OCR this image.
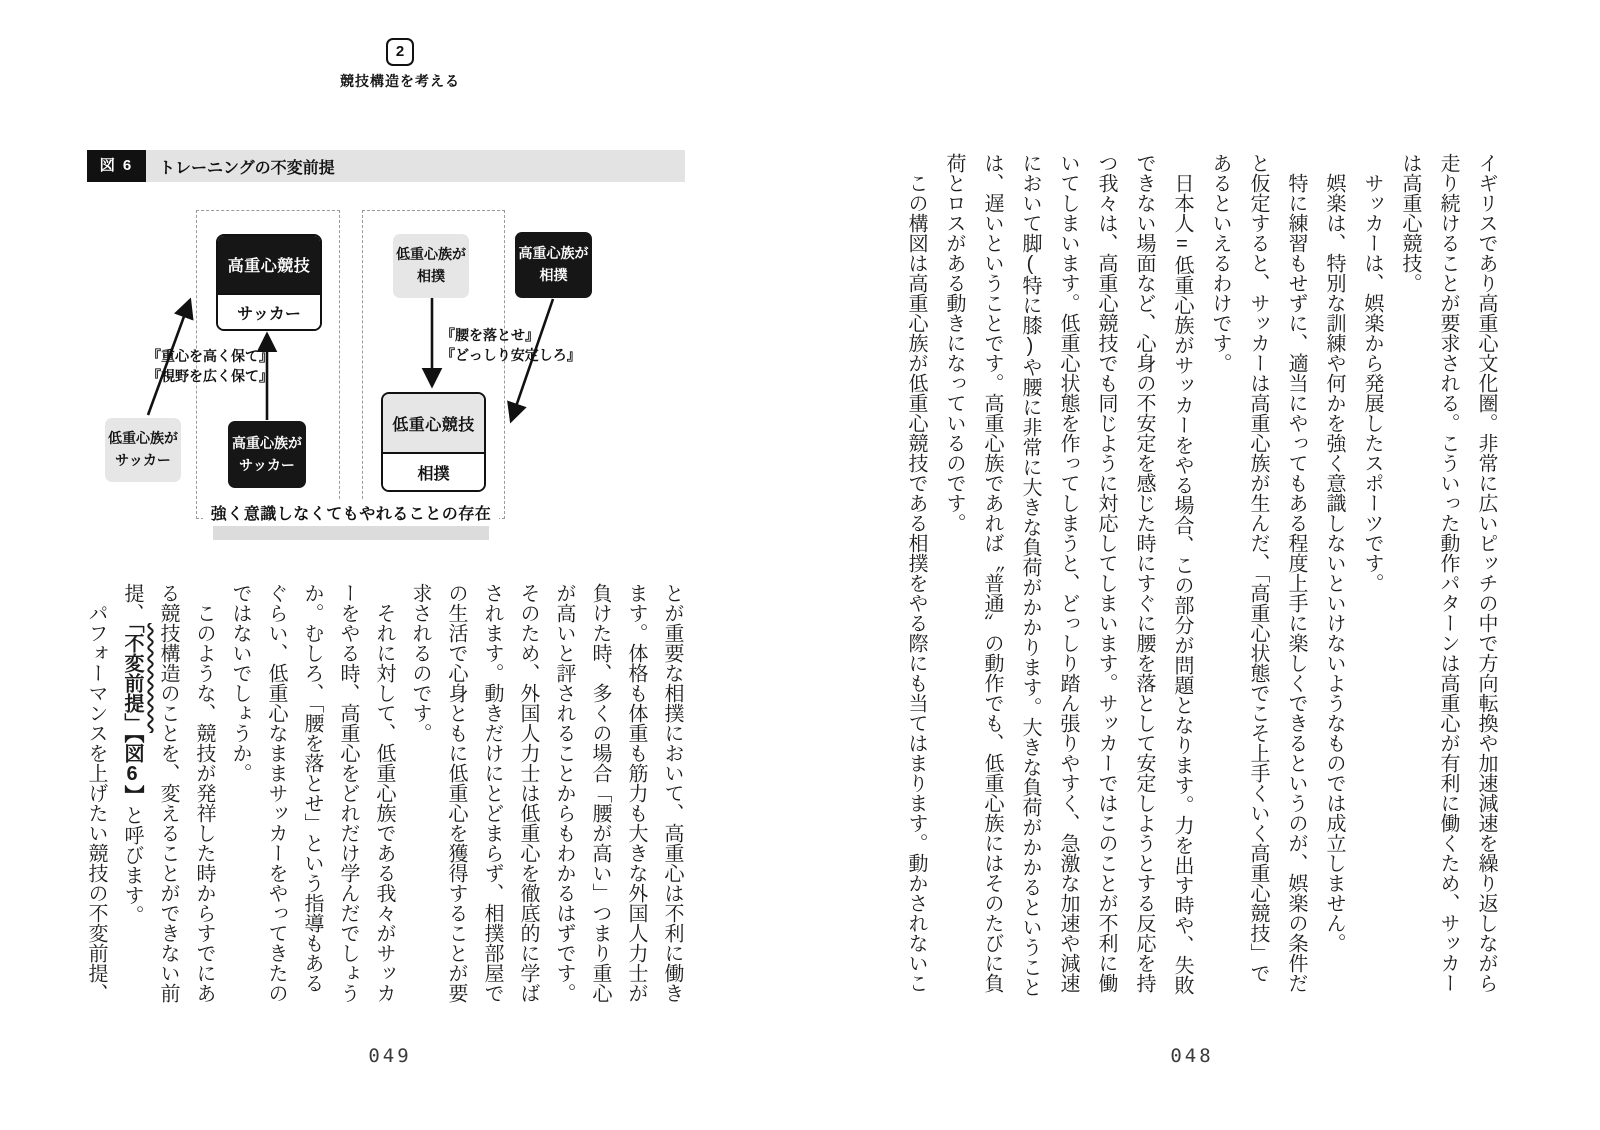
2
競技構造を考える
図 6	トレーニングの不変前提
高重心競技
サッカー
高重心族がサッカー
低重心族がサッカー
『重心を高く保て』
『視野を広く保て』
低重心族が相撲
高重心族が相撲
『腰を落とせ』
『どっしり安定しろ』
低重心競技
相撲
強く意識しなくてもやれることの存在

とが重要な相撲において、高重心は不利に働きます。体格も体重も筋力も大きな外国人力士が負けた時、多くの場合「腰が高い」つまり重心が高いと評されることからもわかるはずです。そのため、外国人力士は低重心を徹底的に学ばされます。動きだけにとどまらず、相撲部屋での生活で心身ともに低重心を獲得することが要求されるのです。

それに対して、低重心族である我々がサッカーをやる時、高重心をどれだけ学んだでしょうか。むしろ、「腰を落とせ」という指導もあるぐらい、低重心なままサッカーをやってきたのではないでしょうか。

このような、競技が発祥した時からすでにある競技構造のことを、変えることができない前提、「不変前提」【図6】と呼びます。

パフォーマンスを上げたい競技の不変前提、

049

イギリスであり高重心文化圏。非常に広いピッチの中で方向転換や加速減速を繰り返しながら走り続けることが要求される。こういった動作パターンは高重心が有利に働くため、サッカーは高重心競技。

サッカーは、娯楽から発展したスポーツです。

娯楽は、特別な訓練や何かを強く意識しないといけないようなものでは成立しません。

特に練習もせずに、適当にやってもある程度上手に楽しくできるというのが、娯楽の条件だと仮定すると、サッカーは高重心族が生んだ、「高重心状態でこそ上手くいく高重心競技」であるといえるわけです。

日本人=低重心族がサッカーをやる場合、この部分が問題となります。力を出す時や、失敗できない場面など、心身の不安定を感じた時にすぐに腰を落として安定しようとする反応を持つ我々は、高重心競技でも同じように対応してしまいます。サッカーではこのことが不利に働いてしまいます。低重心状態を作ってしまうと、どっしり踏ん張りやすく、急激な加速や減速において脚(特に膝)や腰に非常に大きな負荷がかかります。大きな負荷がかかるということは、遅いということです。高重心族であれば〝普通〟の動作でも、低重心族にはそのたびに負荷とロスがある動きになっているのです。

この構図は高重心族が低重心競技である相撲をやる際にも当てはまります。動かされないこ

048
